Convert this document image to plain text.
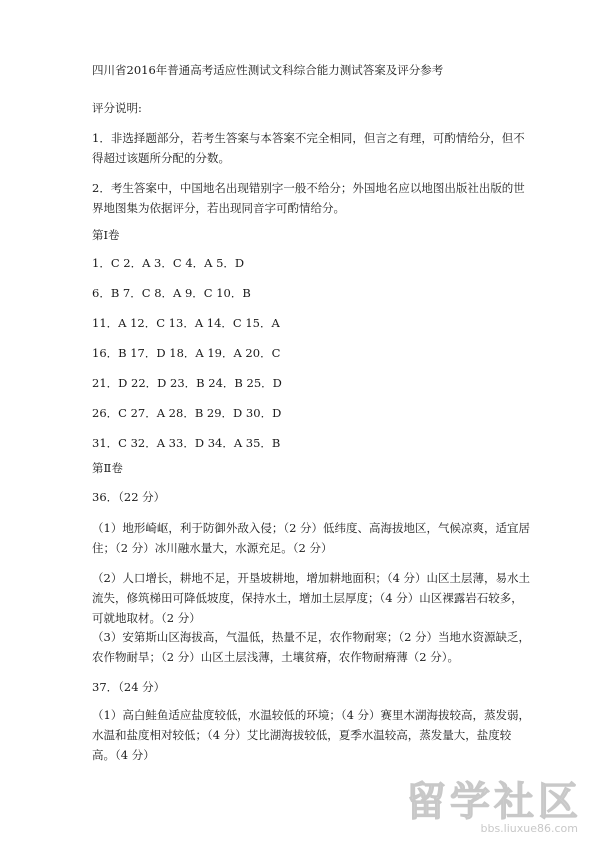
四川省2016年普通高考适应性测试文科综合能力测试答案及评分参考
评分说明:
1．非选择题部分，若考生答案与本答案不完全相同，但言之有理，可酌情给分，但不得超过该题所分配的分数。
2．考生答案中，中国地名出现错别字一般不给分；外国地名应以地图出版社出版的世界地图集为依据评分，若出现同音字可酌情给分。
第Ⅰ卷
1．C 2．A 3．C 4．A 5．D
6．B 7．C 8．A 9．C 10．B
11．A 12．C 13．A 14．C 15．A
16．B 17．D 18．A 19．A 20．C
21．D 22．D 23．B 24．B 25．D
26．C 27．A 28．B 29．D 30．D
31．C 32．A 33．D 34．A 35．B
第Ⅱ卷
36．（22 分）
（1）地形崎岖，利于防御外敌入侵；（2 分）低纬度、高海拔地区，气候凉爽，适宜居住；（2 分）冰川融水量大，水源充足。（2 分）
（2）人口增长，耕地不足，开垦坡耕地，增加耕地面积；（4 分）山区土层薄，易水土流失，修筑梯田可降低坡度，保持水土，增加土层厚度；（4 分）山区裸露岩石较多，可就地取材。（2 分）
（3）安第斯山区海拔高，气温低，热量不足，农作物耐寒；（2 分）当地水资源缺乏，农作物耐旱；（2 分）山区土层浅薄，土壤贫瘠，农作物耐瘠薄（2 分）。
37．（24 分）
（1）高白鲑鱼适应盐度较低，水温较低的环境；（4 分）赛里木湖海拔较高，蒸发弱，水温和盐度相对较低；（4 分）艾比湖海拔较低，夏季水温较高，蒸发量大，盐度较高。（4 分）
留学社区
bbs.liuxue86.com
